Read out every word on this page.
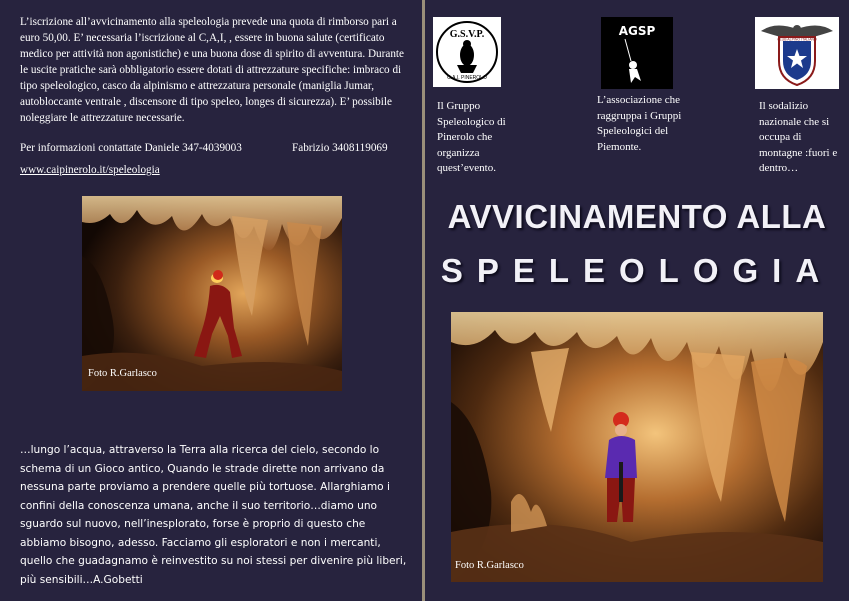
L’iscrizione all’avvicinamento alla speleologia prevede una quota di rimborso pari a euro 50,00. E’ necessaria l’iscrizione al C,A,I, , essere in buona salute (certificato medico per attività non agonistiche) e una buona dose di spirito di avventura. Durante le uscite pratiche sarà obbligatorio essere dotati di attrezzature specifiche: imbraco di tipo speleologico, casco da alpinismo e attrezzatura personale (maniglia Jumar, autobloccante ventrale , discensore di tipo speleo, longes di sicurezza). E’ possibile noleggiare le attrezzature necessarie.
Per informazioni contattate Daniele 347-4039003	Fabrizio 3408119069
www.caipinerolo.it/speleologia
Foto R.Garlasco
…lungo l’acqua, attraverso la Terra alla ricerca del cielo, secondo lo schema di un Gioco antico, Quando le strade dirette non arrivano da nessuna parte proviamo a prendere quelle più tortuose. Allarghiamo i confini della conoscenza umana, anche il suo territorio…diamo uno sguardo sul nuovo, nell’inesplorato, forse è proprio di questo che abbiamo bisogno, adesso. Facciamo gli esploratori e non i mercanti, quello che guadagnamo è reinvestito su noi stessi per divenire più liberi, più sensibili…A.Gobetti
G.S.V.P.
C.A.I. PINEROLO
Il Gruppo Speleologico di Pinerolo che organizza quest’evento.
AGSP
L’associazione che raggruppa i Gruppi Speleologici del Piemonte.
CLUB ALPINO ITALIANO
Il sodalizio nazionale che si occupa di montagne :fuori e dentro…
AVVICINAMENTO ALLA
SPELEOLOGIA
Foto R.Garlasco
